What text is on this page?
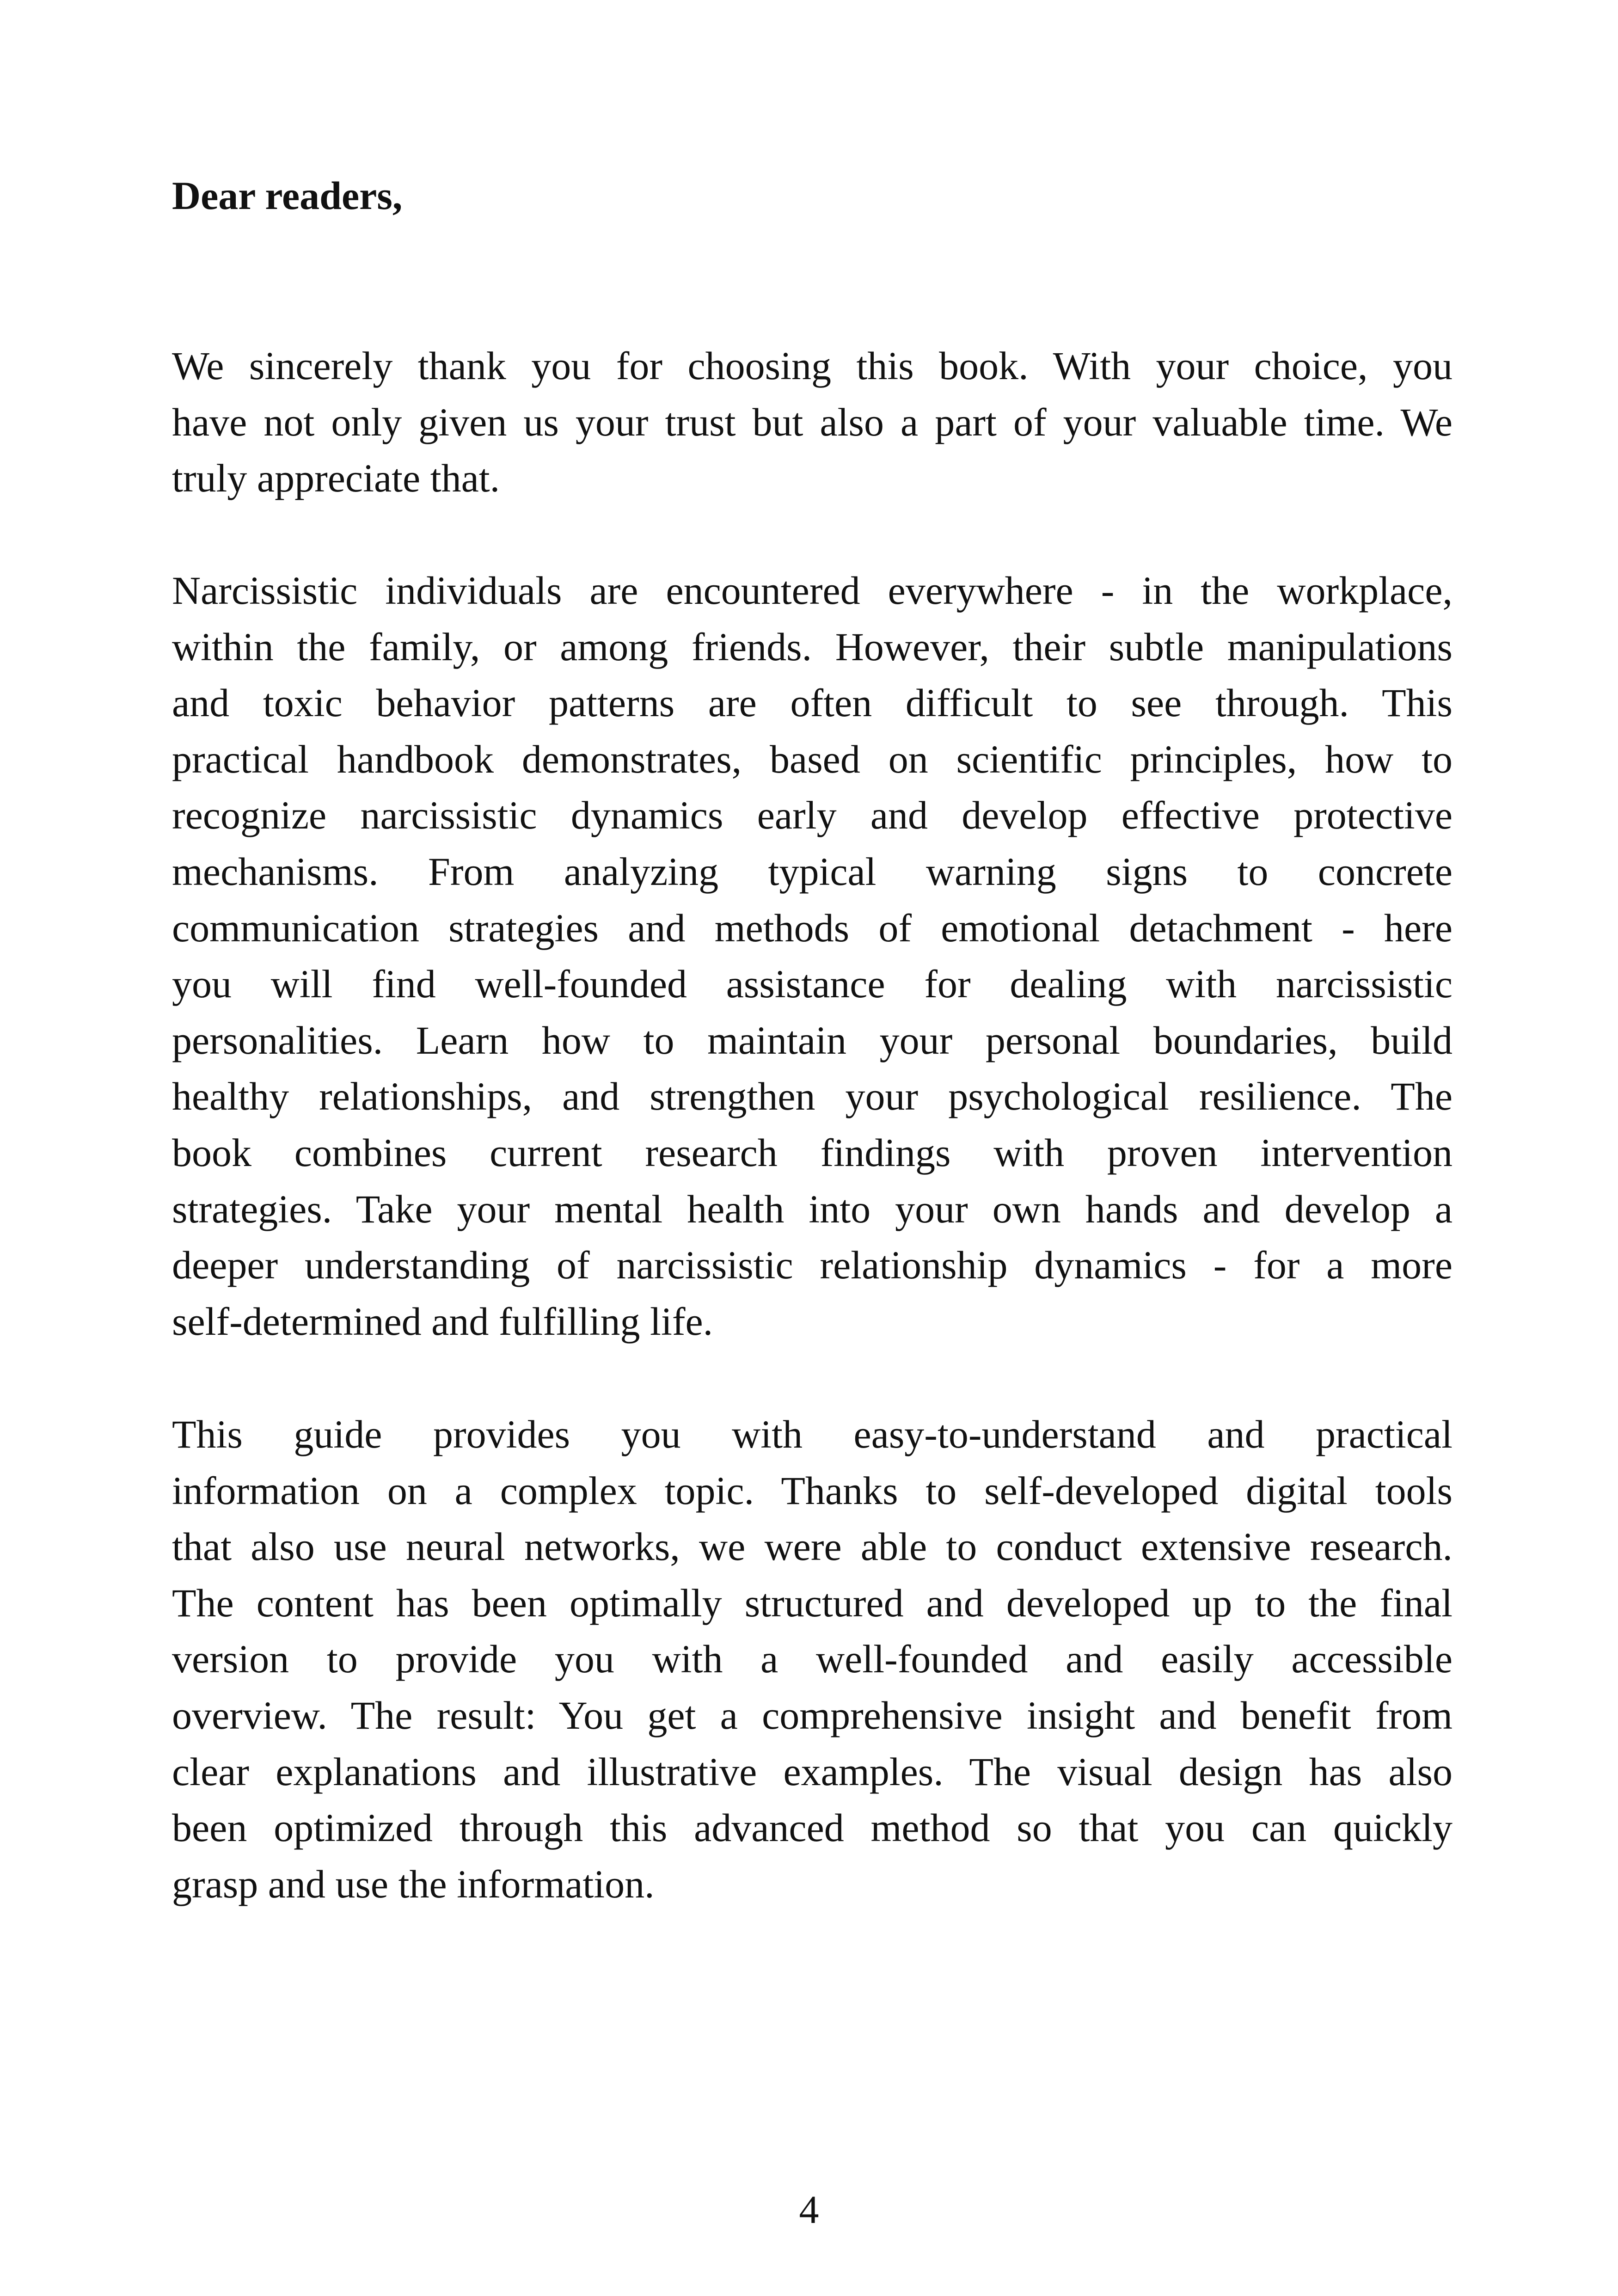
Dear readers,
We sincerely thank you for choosing this book. With your choice, you
have not only given us your trust but also a part of your valuable time. We
truly appreciate that.
Narcissistic individuals are encountered everywhere - in the workplace,
within the family, or among friends. However, their subtle manipulations
and toxic behavior patterns are often difficult to see through. This
practical handbook demonstrates, based on scientific principles, how to
recognize narcissistic dynamics early and develop effective protective
mechanisms. From analyzing typical warning signs to concrete
communication strategies and methods of emotional detachment - here
you will find well-founded assistance for dealing with narcissistic
personalities. Learn how to maintain your personal boundaries, build
healthy relationships, and strengthen your psychological resilience. The
book combines current research findings with proven intervention
strategies. Take your mental health into your own hands and develop a
deeper understanding of narcissistic relationship dynamics - for a more
self-determined and fulfilling life.
This guide provides you with easy-to-understand and practical
information on a complex topic. Thanks to self-developed digital tools
that also use neural networks, we were able to conduct extensive research.
The content has been optimally structured and developed up to the final
version to provide you with a well-founded and easily accessible
overview. The result: You get a comprehensive insight and benefit from
clear explanations and illustrative examples. The visual design has also
been optimized through this advanced method so that you can quickly
grasp and use the information.
4
